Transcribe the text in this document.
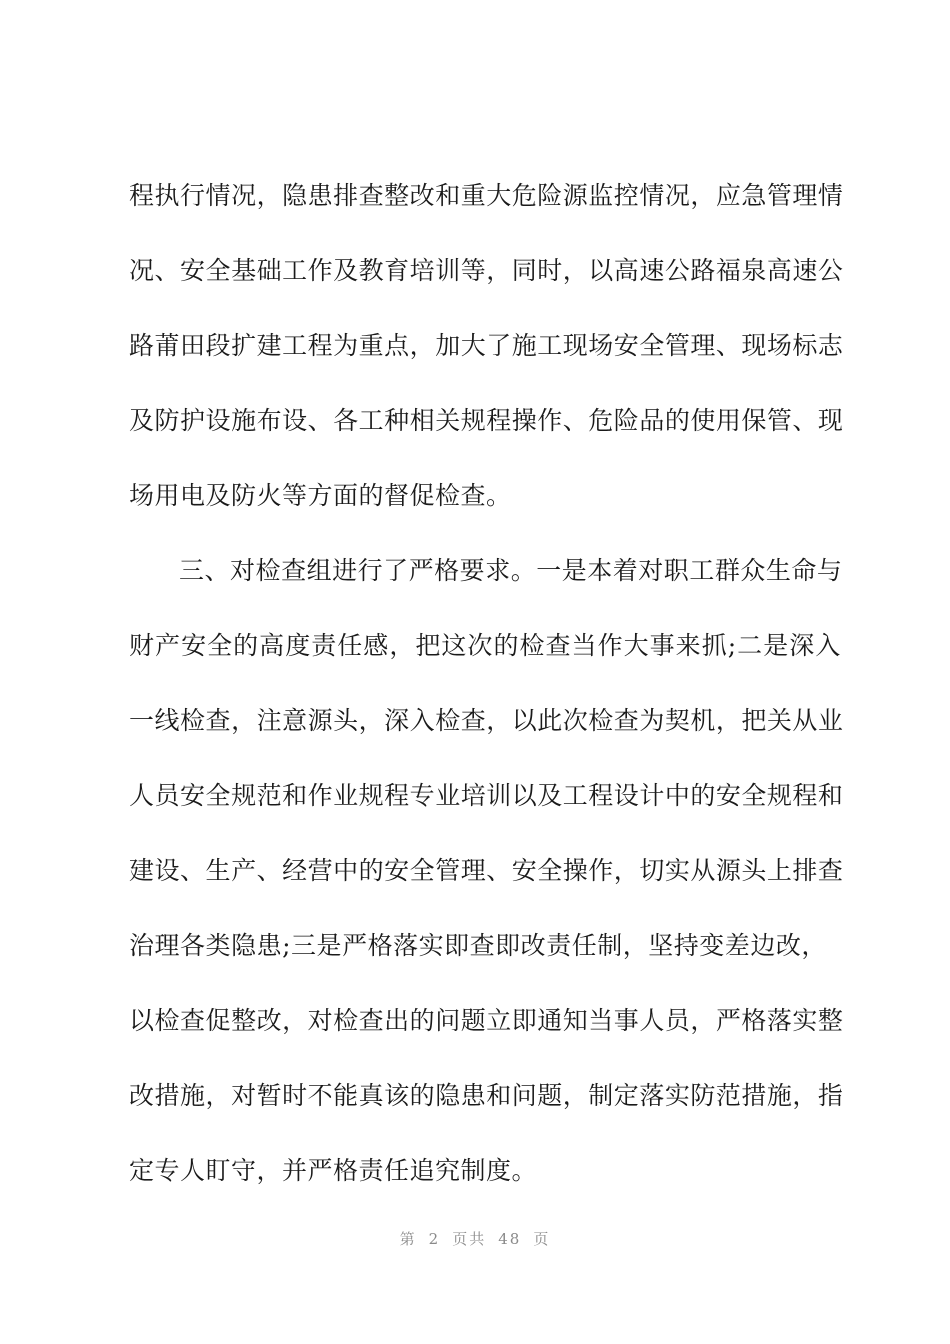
程 执 行 情 况 ， 隐 患 排 查 整 改 和 重 大 危 险 源 监 控 情 况 ， 应 急 管 理 情
况 、 安 全 基 础 工 作 及 教 育 培 训 等 ， 同 时 ， 以 高 速 公 路 福 泉 高 速 公
路 莆 田 段 扩 建 工 程 为 重 点 ， 加 大 了 施 工 现 场 安 全 管 理 、 现 场 标 志
及 防 护 设 施 布 设 、 各 工 种 相 关 规 程 操 作 、 危 险 品 的 使 用 保 管 、 现
场用电及防火等方面的督促检查。
三 、 对 检 查 组 进 行 了 严 格 要 求 。 一 是 本 着 对 职 工 群 众 生 命 与
财 产 安 全 的 高 度 责 任 感 ， 把 这 次 的 检 查 当 作 大 事 来 抓 ; 二 是 深 入
一 线 检 查 ， 注 意 源 头 ， 深 入 检 查 ， 以 此 次 检 查 为 契 机 ， 把 关 从 业
人 员 安 全 规 范 和 作 业 规 程 专 业 培 训 以 及 工 程 设 计 中 的 安 全 规 程 和
建 设 、 生 产 、 经 营 中 的 安 全 管 理 、 安 全 操 作 ， 切 实 从 源 头 上 排 查
治 理 各 类 隐 患 ; 三 是 严 格 落 实 即 查 即 改 责 任 制 ， 坚 持 变 差 边 改 ，
以 检 查 促 整 改 ， 对 检 查 出 的 问 题 立 即 通 知 当 事 人 员 ， 严 格 落 实 整
改 措 施 ， 对 暂 时 不 能 真 该 的 隐 患 和 问 题 ， 制 定 落 实 防 范 措 施 ， 指
定专人盯守，并严格责任追究制度。
第 2 页共 48 页
